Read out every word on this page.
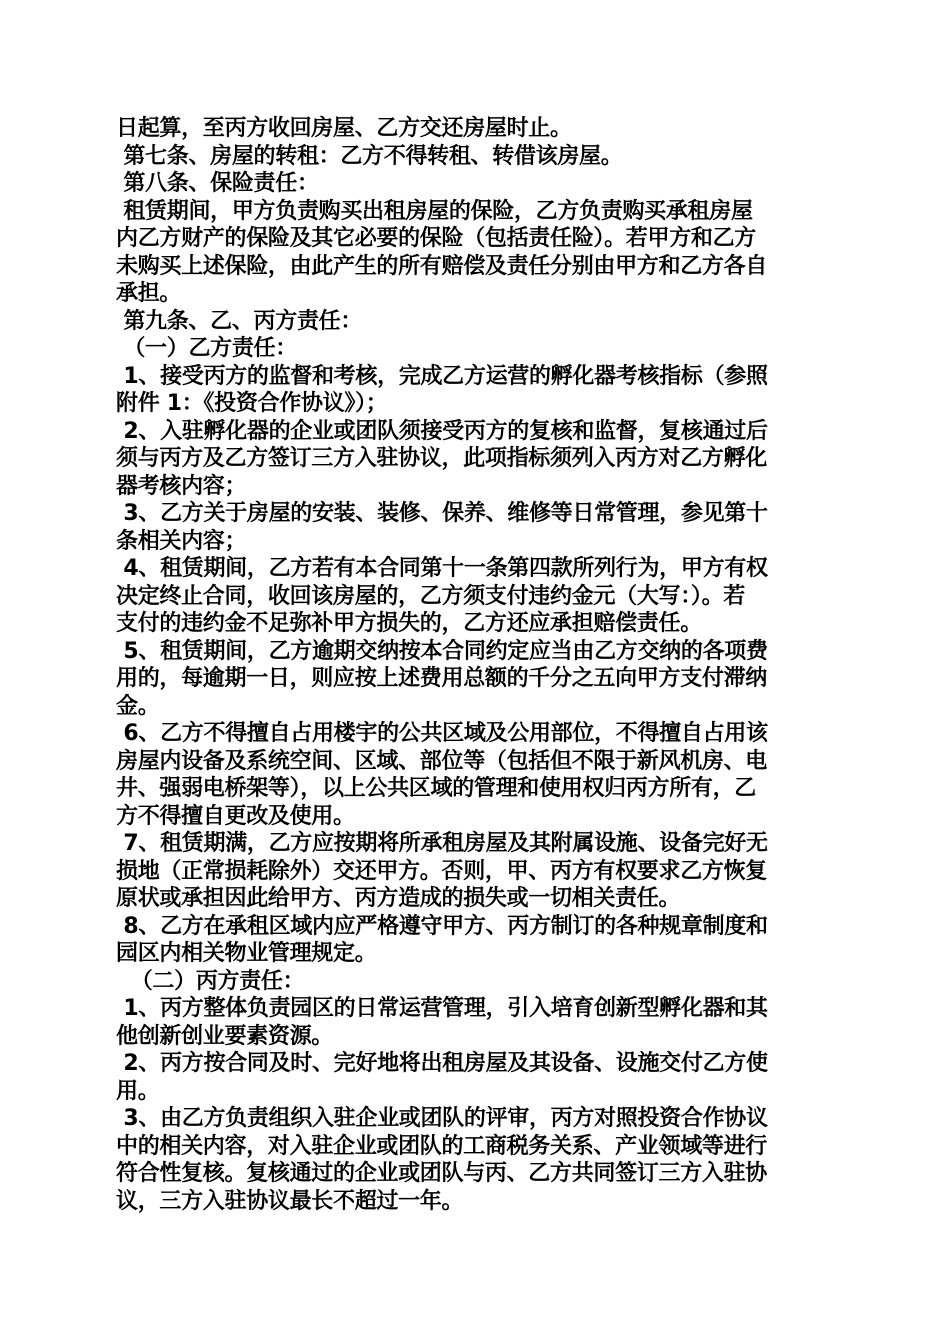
日起算，至丙方收回房屋、乙方交还房屋时止。
第七条、房屋的转租：乙方不得转租、转借该房屋。
第八条、保险责任：
租赁期间，甲方负责购买出租房屋的保险，乙方负责购买承租房屋
内乙方财产的保险及其它必要的保险（包括责任险）。若甲方和乙方
未购买上述保险，由此产生的所有赔偿及责任分别由甲方和乙方各自
承担。
第九条、乙、丙方责任：
（一）乙方责任：
1、接受丙方的监督和考核，完成乙方运营的孵化器考核指标（参照
附件 1：《投资合作协议》）；
2、入驻孵化器的企业或团队须接受丙方的复核和监督，复核通过后
须与丙方及乙方签订三方入驻协议，此项指标须列入丙方对乙方孵化
器考核内容；
3、乙方关于房屋的安装、装修、保养、维修等日常管理，参见第十
条相关内容；
4、租赁期间，乙方若有本合同第十一条第四款所列行为，甲方有权
决定终止合同，收回该房屋的，乙方须支付违约金元（大写：）。若
支付的违约金不足弥补甲方损失的，乙方还应承担赔偿责任。
5、租赁期间，乙方逾期交纳按本合同约定应当由乙方交纳的各项费
用的，每逾期一日，则应按上述费用总额的千分之五向甲方支付滞纳
金。
6、乙方不得擅自占用楼宇的公共区域及公用部位，不得擅自占用该
房屋内设备及系统空间、区域、部位等（包括但不限于新风机房、电
井、强弱电桥架等），以上公共区域的管理和使用权归丙方所有，乙
方不得擅自更改及使用。
7、租赁期满，乙方应按期将所承租房屋及其附属设施、设备完好无
损地（正常损耗除外）交还甲方。否则，甲、丙方有权要求乙方恢复
原状或承担因此给甲方、丙方造成的损失或一切相关责任。
8、乙方在承租区域内应严格遵守甲方、丙方制订的各种规章制度和
园区内相关物业管理规定。
（二）丙方责任：
1、丙方整体负责园区的日常运营管理，引入培育创新型孵化器和其
他创新创业要素资源。
2、丙方按合同及时、完好地将出租房屋及其设备、设施交付乙方使
用。
3、由乙方负责组织入驻企业或团队的评审，丙方对照投资合作协议
中的相关内容，对入驻企业或团队的工商税务关系、产业领域等进行
符合性复核。复核通过的企业或团队与丙、乙方共同签订三方入驻协
议，三方入驻协议最长不超过一年。
